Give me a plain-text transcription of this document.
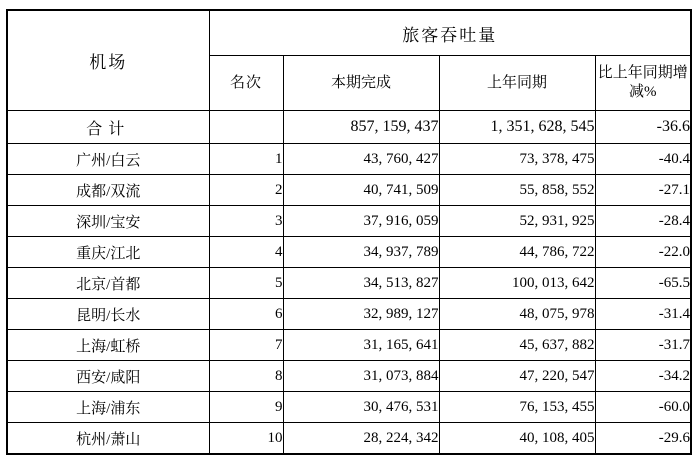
机场	旅客吞吐量			
	名次	本期完成	上年同期	比上年同期增减%
合计		857, 159, 437	1, 351, 628, 545	-36.6
广州/白云	1	43, 760, 427	73, 378, 475	-40.4
成都/双流	2	40, 741, 509	55, 858, 552	-27.1
深圳/宝安	3	37, 916, 059	52, 931, 925	-28.4
重庆/江北	4	34, 937, 789	44, 786, 722	-22.0
北京/首都	5	34, 513, 827	100, 013, 642	-65.5
昆明/长水	6	32, 989, 127	48, 075, 978	-31.4
上海/虹桥	7	31, 165, 641	45, 637, 882	-31.7
西安/咸阳	8	31, 073, 884	47, 220, 547	-34.2
上海/浦东	9	30, 476, 531	76, 153, 455	-60.0
杭州/萧山	10	28, 224, 342	40, 108, 405	-29.6
